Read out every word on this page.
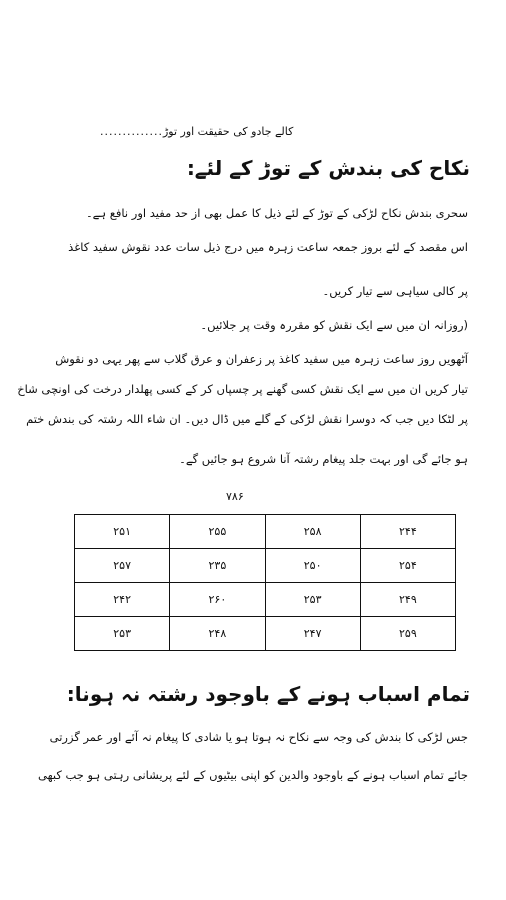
.............. کالے جادو کی حقیقت اور توڑ
نکاح کی بندش کے توڑ کے لئے:
سحری بندش نکاح لڑکی کے توڑ کے لئے ذیل کا عمل بھی از حد مفید اور نافع ہے۔
اس مقصد کے لئے بروز جمعہ ساعت زہرہ میں درج ذیل سات عدد نقوش سفید کاغذ
پر کالی سیاہی سے تیار کریں۔
(روزانہ ان میں سے ایک نقش کو مقررہ وقت پر جلائیں۔
آٹھویں روز ساعت زہرہ میں سفید کاغذ پر زعفران و عرق گلاب سے پھر یہی دو نقوش
تیار کریں ان میں سے ایک نقش کسی گھنے پر چسپاں کر کے کسی پھلدار درخت کی اونچی شاخ
پر لٹکا دیں جب کہ دوسرا نقش لڑکی کے گلے میں ڈال دیں۔ ان شاء اللہ رشتہ کی بندش ختم
ہو جائے گی اور بہت جلد پیغام رشتہ آنا شروع ہو جائیں گے۔
۷۸۶
۲۴۴	۲۵۸	۲۵۵	۲۵۱
۲۵۴	۲۵۰	۲۳۵	۲۵۷
۲۴۹	۲۵۳	۲۶۰	۲۴۲
۲۵۹	۲۴۷	۲۴۸	۲۵۳
تمام اسباب ہونے کے باوجود رشتہ نہ ہونا:
جس لڑکی کا بندش کی وجہ سے نکاح نہ ہوتا ہو یا شادی کا پیغام نہ آئے اور عمر گزرتی
جائے تمام اسباب ہونے کے باوجود والدین کو اپنی بیٹیوں کے لئے پریشانی رہتی ہو جب کبھی
